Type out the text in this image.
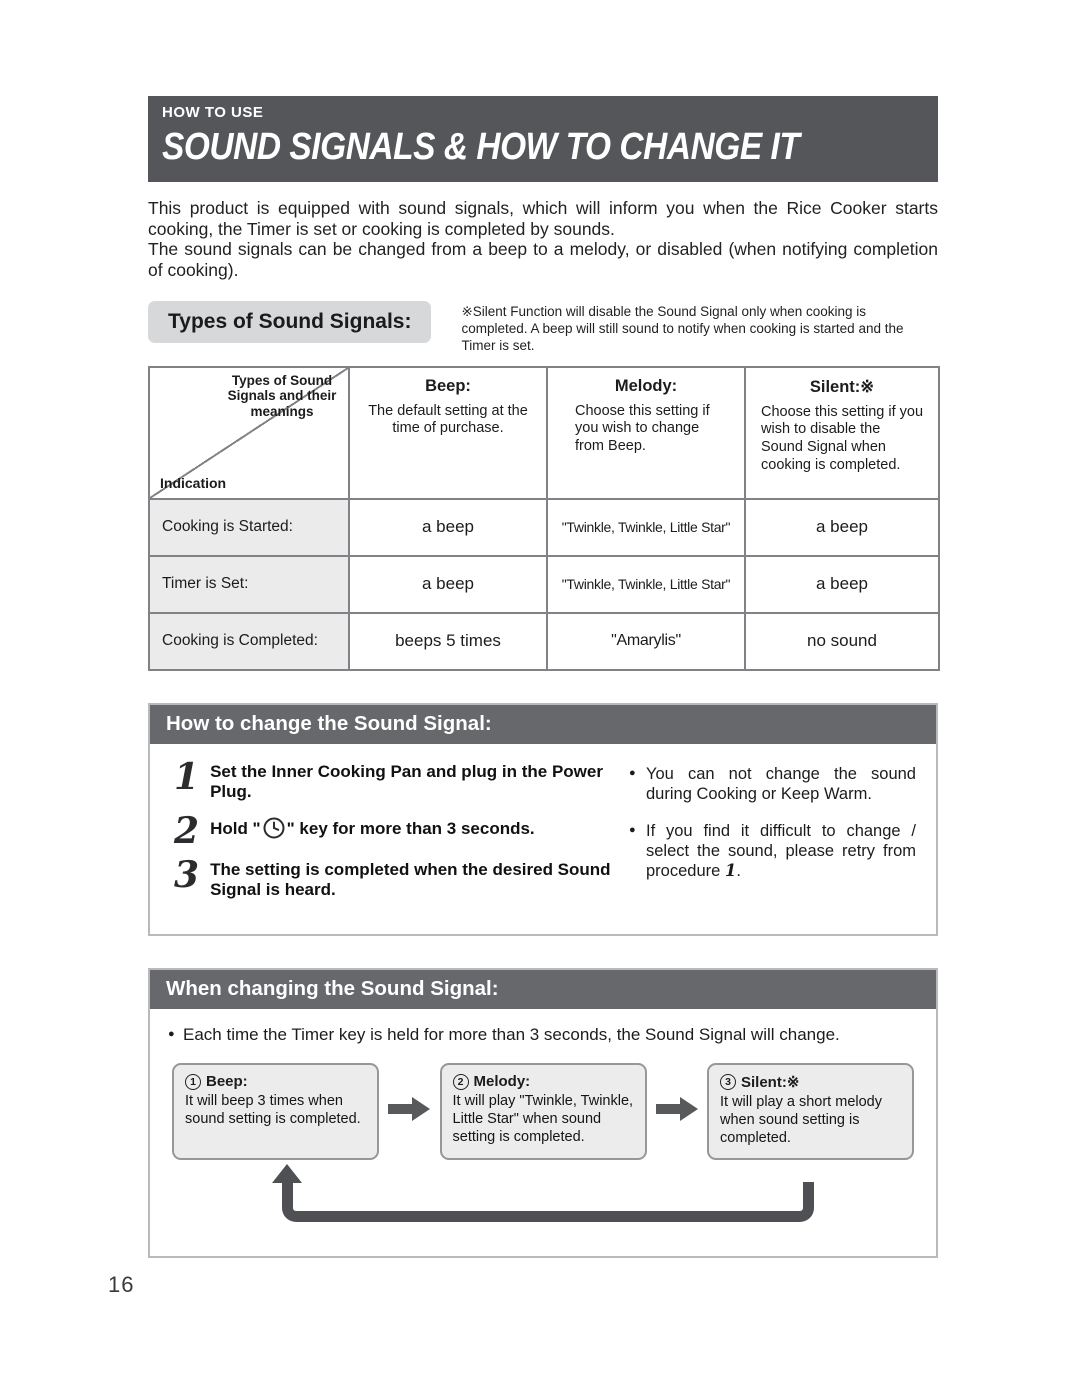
HOW TO USE
SOUND SIGNALS & HOW TO CHANGE IT

This product is equipped with sound signals, which will inform you when the Rice Cooker starts cooking, the Timer is set or cooking is completed by sounds.

The sound signals can be changed from a beep to a melody, or disabled (when notifying completion of cooking).

Types of Sound Signals:	※Silent Function will disable the Sound Signal only when cooking is completed. A beep will still sound to notify when cooking is started and the Timer is set.
Types of Sound Signals and their meanings
Indication

Beep:
The default setting at the time of purchase.

Melody:
Choose this setting if you wish to change from Beep.

Silent:※
Choose this setting if you wish to disable the Sound Signal when cooking is completed.

Cooking is Started:	a beep	"Twinkle, Twinkle, Little Star"	a beep
Timer is Set:	a beep	"Twinkle, Twinkle, Little Star"	a beep
Cooking is Completed:	beeps 5 times	"Amarylis"	no sound
How to change the Sound Signal:
1 Set the Inner Cooking Pan and plug in the Power Plug.
2 Hold " " key for more than 3 seconds.
3 The setting is completed when the desired Sound Signal is heard.
● You can not change the sound during Cooking or Keep Warm.
● If you find it difficult to change / select the sound, please retry from procedure 1.
When changing the Sound Signal:
● Each time the Timer key is held for more than 3 seconds, the Sound Signal will change.
1 Beep:
It will beep 3 times when sound setting is completed.
2 Melody:
It will play "Twinkle, Twinkle, Little Star" when sound setting is completed.
3 Silent:※
It will play a short melody when sound setting is completed.
16
